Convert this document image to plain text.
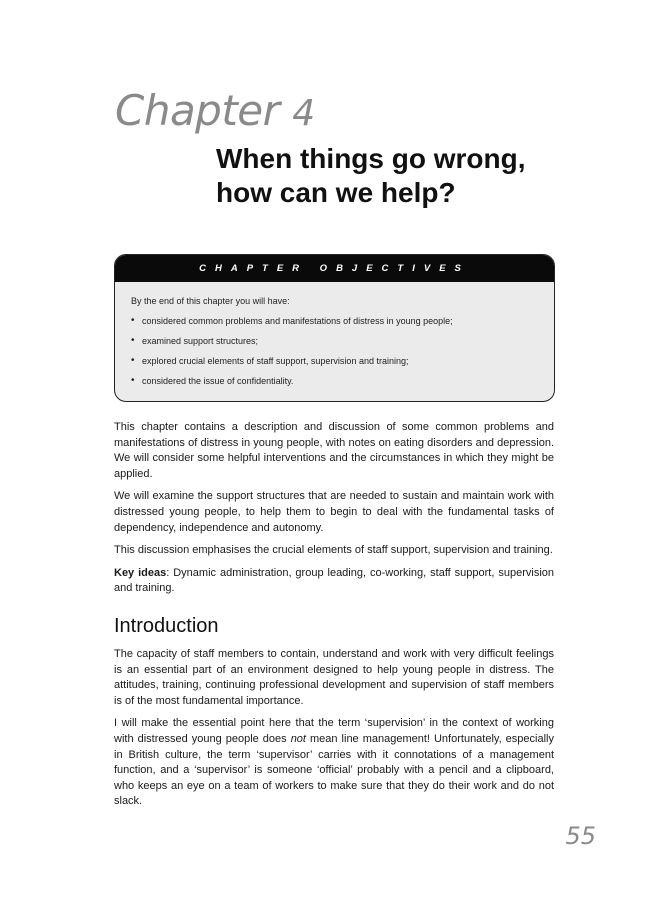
Chapter 4
When things go wrong,
how can we help?
CHAPTER OBJECTIVES
By the end of this chapter you will have:
• considered common problems and manifestations of distress in young people;
• examined support structures;
• explored crucial elements of staff support, supervision and training;
• considered the issue of confidentiality.

This chapter contains a description and discussion of some common problems and manifestations of distress in young people, with notes on eating disorders and depression. We will consider some helpful interventions and the circumstances in which they might be applied.

We will examine the support structures that are needed to sustain and maintain work with distressed young people, to help them to begin to deal with the fundamental tasks of dependency, independence and autonomy.

This discussion emphasises the crucial elements of staff support, supervision and training.

Key ideas: Dynamic administration, group leading, co-working, staff support, supervision and training.

Introduction

The capacity of staff members to contain, understand and work with very difficult feelings is an essential part of an environment designed to help young people in distress. The attitudes, training, continuing professional development and supervision of staff members is of the most fundamental importance.

I will make the essential point here that the term ‘supervision’ in the context of working with distressed young people does not mean line management! Unfortunately, especially in British culture, the term ‘supervisor’ carries with it connotations of a management function, and a ‘supervisor’ is someone ‘official’ probably with a pencil and a clipboard, who keeps an eye on a team of workers to make sure that they do their work and do not slack.

55
